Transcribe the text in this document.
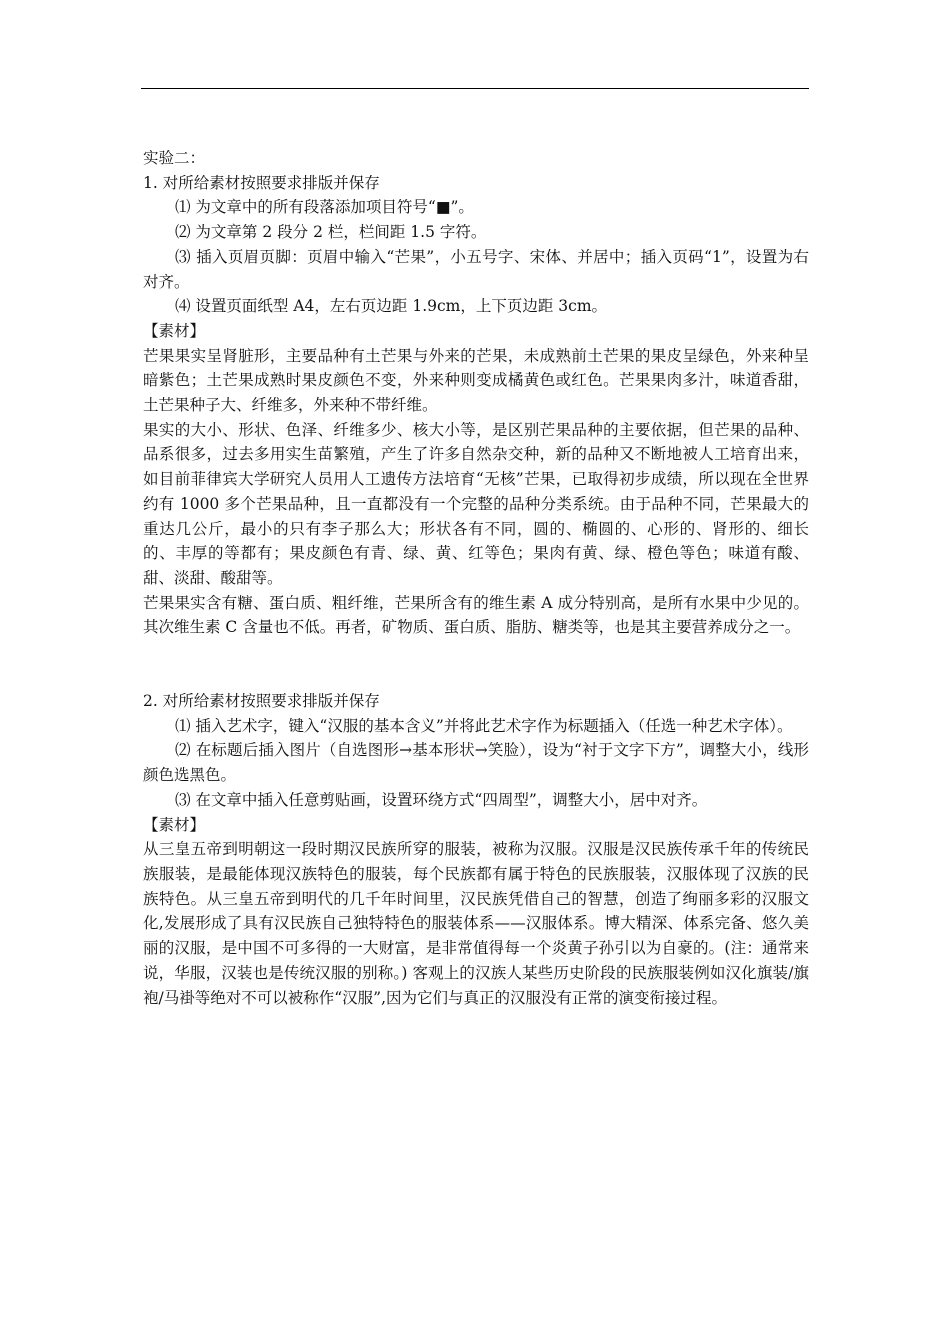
实验二：

1. 对所给素材按照要求排版并保存

⑴ 为文章中的所有段落添加项目符号“■”。

⑵ 为文章第 2 段分 2 栏，栏间距 1.5 字符。

⑶ 插入页眉页脚：页眉中输入“芒果”，小五号字、宋体、并居中；插入页码“1”，设置为右对齐。

⑷ 设置页面纸型 A4，左右页边距 1.9cm，上下页边距 3cm。

【素材】

芒果果实呈肾脏形，主要品种有土芒果与外来的芒果，未成熟前土芒果的果皮呈绿色，外来种呈暗紫色；土芒果成熟时果皮颜色不变，外来种则变成橘黄色或红色。芒果果肉多汁，味道香甜，土芒果种子大、纤维多，外来种不带纤维。

果实的大小、形状、色泽、纤维多少、核大小等，是区别芒果品种的主要依据，但芒果的品种、品系很多，过去多用实生苗繁殖，产生了许多自然杂交种，新的品种又不断地被人工培育出来，如目前菲律宾大学研究人员用人工遗传方法培育“无核”芒果，已取得初步成绩，所以现在全世界约有 1000 多个芒果品种，且一直都没有一个完整的品种分类系统。由于品种不同，芒果最大的重达几公斤，最小的只有李子那么大；形状各有不同，圆的、椭圆的、心形的、肾形的、细长的、丰厚的等都有；果皮颜色有青、绿、黄、红等色；果肉有黄、绿、橙色等色；味道有酸、甜、淡甜、酸甜等。

芒果果实含有糖、蛋白质、粗纤维，芒果所含有的维生素 A 成分特别高，是所有水果中少见的。其次维生素 C 含量也不低。再者，矿物质、蛋白质、脂肪、糖类等，也是其主要营养成分之一。

2. 对所给素材按照要求排版并保存

⑴ 插入艺术字，键入“汉服的基本含义”并将此艺术字作为标题插入（任选一种艺术字体）。

⑵ 在标题后插入图片（自选图形→基本形状→笑脸），设为“衬于文字下方”，调整大小，线形颜色选黑色。

⑶ 在文章中插入任意剪贴画，设置环绕方式“四周型”，调整大小，居中对齐。

【素材】

从三皇五帝到明朝这一段时期汉民族所穿的服装，被称为汉服。汉服是汉民族传承千年的传统民族服装，是最能体现汉族特色的服装，每个民族都有属于特色的民族服装，汉服体现了汉族的民族特色。从三皇五帝到明代的几千年时间里，汉民族凭借自己的智慧，创造了绚丽多彩的汉服文化,发展形成了具有汉民族自己独特特色的服装体系——汉服体系。博大精深、体系完备、悠久美丽的汉服，是中国不可多得的一大财富，是非常值得每一个炎黄子孙引以为自豪的。(注：通常来说，华服，汉装也是传统汉服的别称。) 客观上的汉族人某些历史阶段的民族服装例如汉化旗装/旗袍/马褂等绝对不可以被称作“汉服”,因为它们与真正的汉服没有正常的演变衔接过程。
